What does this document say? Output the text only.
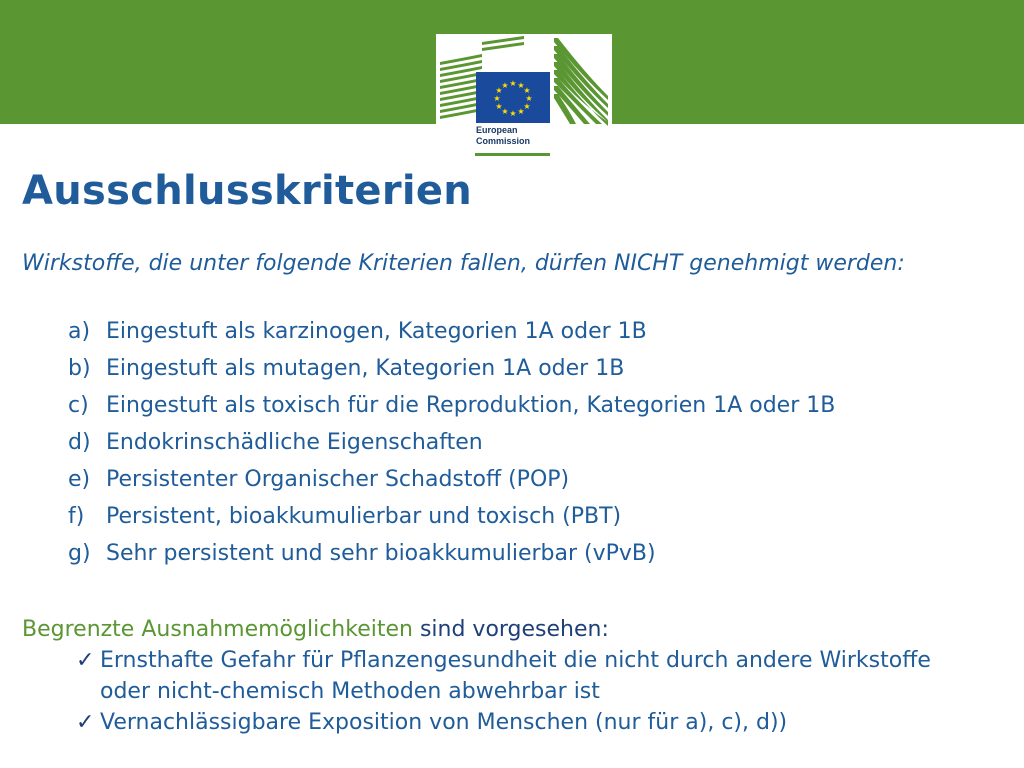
★ ★
★
★
★
★
★
★
★
★
★
★
European
Commission
Ausschlusskriterien
Wirkstoffe, die unter folgende Kriterien fallen, dürfen NICHT genehmigt werden:
a) Eingestuft als karzinogen, Kategorien 1A oder 1B
b) Eingestuft als mutagen, Kategorien 1A oder 1B
c) Eingestuft als toxisch für die Reproduktion, Kategorien 1A oder 1B
d) Endokrinschädliche Eigenschaften
e) Persistenter Organischer Schadstoff (POP)
f) Persistent, bioakkumulierbar und toxisch (PBT)
g) Sehr persistent und sehr bioakkumulierbar (vPvB)
Begrenzte Ausnahmemöglichkeiten sind vorgesehen:
✓ Ernsthafte Gefahr für Pflanzengesundheit die nicht durch andere Wirkstoffe oder nicht-chemisch Methoden abwehrbar ist
✓ Vernachlässigbare Exposition von Menschen (nur für a), c), d))
